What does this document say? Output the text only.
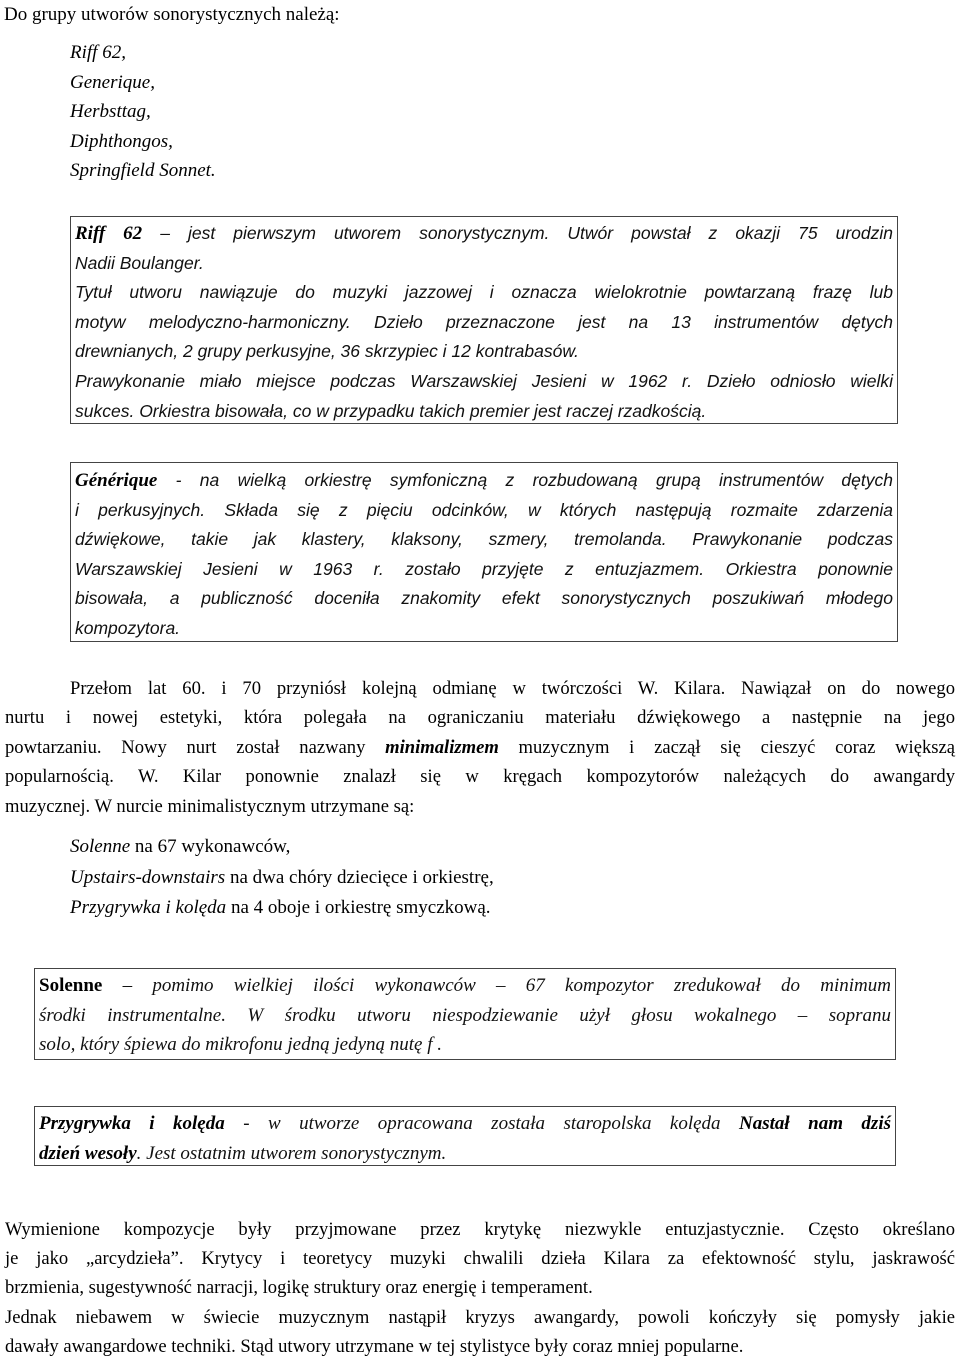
Do grupy utworów sonorystycznych należą:
Riff 62,
Generique,
Herbsttag,
Diphthongos,
Springfield Sonnet.
Riff 62 – jest pierwszym utworem sonorystycznym. Utwór powstał z okazji 75 urodzin
Nadii Boulanger.
Tytuł utworu nawiązuje do muzyki jazzowej i oznacza wielokrotnie powtarzaną frazę lub
motyw melodyczno-harmoniczny. Dzieło przeznaczone jest na 13 instrumentów dętych
drewnianych, 2 grupy perkusyjne, 36 skrzypiec i 12 kontrabasów.
Prawykonanie miało miejsce podczas Warszawskiej Jesieni w 1962 r. Dzieło odniosło wielki
sukces. Orkiestra bisowała, co w przypadku takich premier jest raczej rzadkością.
Générique - na wielką orkiestrę symfoniczną z rozbudowaną grupą instrumentów dętych
i perkusyjnych. Składa się z pięciu odcinków, w których następują rozmaite zdarzenia
dźwiękowe, takie jak klastery, klaksony, szmery, tremolanda. Prawykonanie podczas
Warszawskiej Jesieni w 1963 r. zostało przyjęte z entuzjazmem. Orkiestra ponownie
bisowała, a publiczność doceniła znakomity efekt sonorystycznych poszukiwań młodego
kompozytora.
Przełom lat 60. i 70 przyniósł kolejną odmianę w twórczości W. Kilara. Nawiązał on do nowego
nurtu i nowej estetyki, która polegała na ograniczaniu materiału dźwiękowego a następnie na jego
powtarzaniu. Nowy nurt został nazwany minimalizmem muzycznym i zaczął się cieszyć coraz większą
popularnością. W. Kilar ponownie znalazł się w kręgach kompozytorów należących do awangardy
muzycznej. W nurcie minimalistycznym utrzymane są:
Solenne na 67 wykonawców,
Upstairs-downstairs na dwa chóry dziecięce i orkiestrę,
Przygrywka i kolęda na 4 oboje i orkiestrę smyczkową.
Solenne – pomimo wielkiej ilości wykonawców – 67 kompozytor zredukował do minimum
środki instrumentalne. W środku utworu niespodziewanie użył głosu wokalnego – sopranu
solo, który śpiewa do mikrofonu jedną jedyną nutę f .
Przygrywka i kolęda - w utworze opracowana została staropolska kolęda Nastał nam dziś
dzień wesoły. Jest ostatnim utworem sonorystycznym.
Wymienione kompozycje były przyjmowane przez krytykę niezwykle entuzjastycznie. Często określano
je jako „arcydzieła”. Krytycy i teoretycy muzyki chwalili dzieła Kilara za efektowność stylu, jaskrawość
brzmienia, sugestywność narracji, logikę struktury oraz energię i temperament.
Jednak niebawem w świecie muzycznym nastąpił kryzys awangardy, powoli kończyły się pomysły jakie
dawały awangardowe techniki. Stąd utwory utrzymane w tej stylistyce były coraz mniej popularne.
